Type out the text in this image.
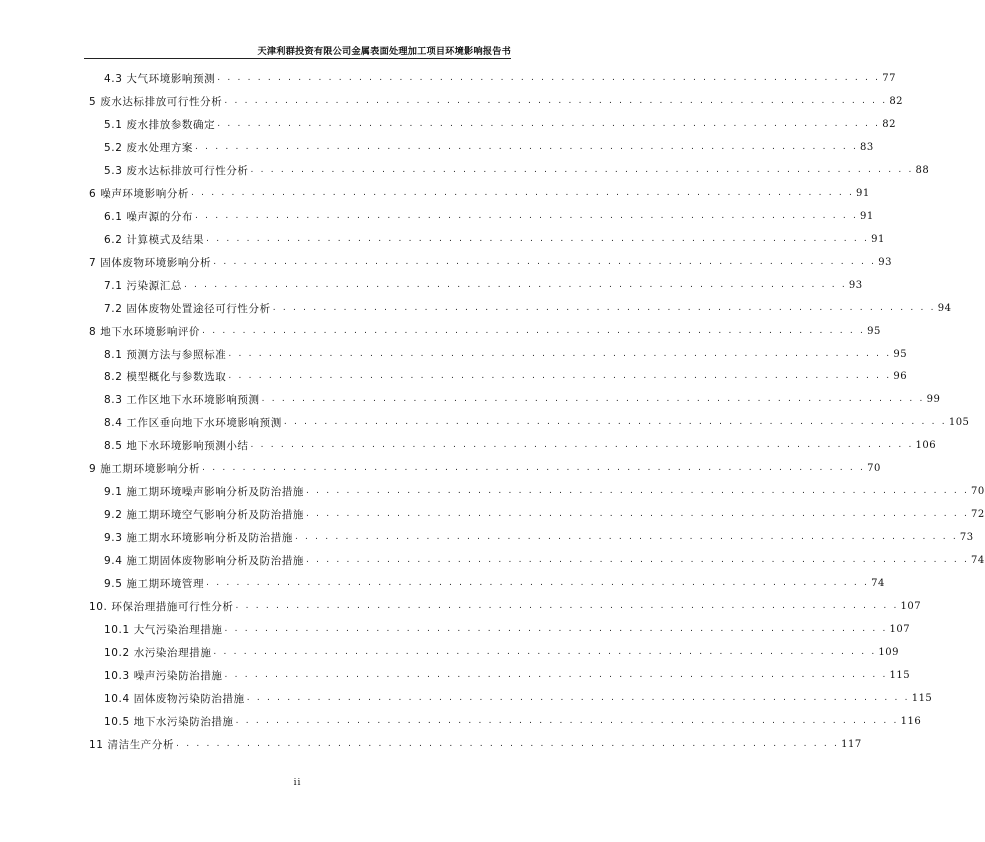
天津利群投资有限公司金属表面处理加工项目环境影响报告书
4.3 大气环境影响预测 . . . . . . . . . . . . . . . . . . . . . . . . . . . . . . . . . . . . . . . . . . . . . . . . . . . . . . . . . . . . . . . . . . 77
5 废水达标排放可行性分析 . . . . . . . . . . . . . . . . . . . . . . . . . . . . . . . . . . . . . . . . . . . . . . . . . . . . . . . . . . . . . . . . . . 82
5.1 废水排放参数确定 . . . . . . . . . . . . . . . . . . . . . . . . . . . . . . . . . . . . . . . . . . . . . . . . . . . . . . . . . . . . . . . . . . 82
5.2 废水处理方案 . . . . . . . . . . . . . . . . . . . . . . . . . . . . . . . . . . . . . . . . . . . . . . . . . . . . . . . . . . . . . . . . . . 83
5.3 废水达标排放可行性分析 . . . . . . . . . . . . . . . . . . . . . . . . . . . . . . . . . . . . . . . . . . . . . . . . . . . . . . . . . . . . . . . . . . 88
6 噪声环境影响分析 . . . . . . . . . . . . . . . . . . . . . . . . . . . . . . . . . . . . . . . . . . . . . . . . . . . . . . . . . . . . . . . . . . 91
6.1 噪声源的分布 . . . . . . . . . . . . . . . . . . . . . . . . . . . . . . . . . . . . . . . . . . . . . . . . . . . . . . . . . . . . . . . . . . 91
6.2 计算模式及结果 . . . . . . . . . . . . . . . . . . . . . . . . . . . . . . . . . . . . . . . . . . . . . . . . . . . . . . . . . . . . . . . . . . 91
7 固体废物环境影响分析 . . . . . . . . . . . . . . . . . . . . . . . . . . . . . . . . . . . . . . . . . . . . . . . . . . . . . . . . . . . . . . . . . . 93
7.1 污染源汇总 . . . . . . . . . . . . . . . . . . . . . . . . . . . . . . . . . . . . . . . . . . . . . . . . . . . . . . . . . . . . . . . . . . 93
7.2 固体废物处置途径可行性分析 . . . . . . . . . . . . . . . . . . . . . . . . . . . . . . . . . . . . . . . . . . . . . . . . . . . . . . . . . . . . . . . . . . 94
8 地下水环境影响评价 . . . . . . . . . . . . . . . . . . . . . . . . . . . . . . . . . . . . . . . . . . . . . . . . . . . . . . . . . . . . . . . . . . 95
8.1 预测方法与参照标准 . . . . . . . . . . . . . . . . . . . . . . . . . . . . . . . . . . . . . . . . . . . . . . . . . . . . . . . . . . . . . . . . . . 95
8.2 模型概化与参数选取 . . . . . . . . . . . . . . . . . . . . . . . . . . . . . . . . . . . . . . . . . . . . . . . . . . . . . . . . . . . . . . . . . . 96
8.3 工作区地下水环境影响预测 . . . . . . . . . . . . . . . . . . . . . . . . . . . . . . . . . . . . . . . . . . . . . . . . . . . . . . . . . . . . . . . . . . 99
8.4 工作区垂向地下水环境影响预测 . . . . . . . . . . . . . . . . . . . . . . . . . . . . . . . . . . . . . . . . . . . . . . . . . . . . . . . . . . . . . . . . . . 105
8.5 地下水环境影响预测小结 . . . . . . . . . . . . . . . . . . . . . . . . . . . . . . . . . . . . . . . . . . . . . . . . . . . . . . . . . . . . . . . . . . 106
9 施工期环境影响分析 . . . . . . . . . . . . . . . . . . . . . . . . . . . . . . . . . . . . . . . . . . . . . . . . . . . . . . . . . . . . . . . . . . 70
9.1 施工期环境噪声影响分析及防治措施 . . . . . . . . . . . . . . . . . . . . . . . . . . . . . . . . . . . . . . . . . . . . . . . . . . . . . . . . . . . . . . . . . . 70
9.2 施工期环境空气影响分析及防治措施 . . . . . . . . . . . . . . . . . . . . . . . . . . . . . . . . . . . . . . . . . . . . . . . . . . . . . . . . . . . . . . . . . . 72
9.3 施工期水环境影响分析及防治措施 . . . . . . . . . . . . . . . . . . . . . . . . . . . . . . . . . . . . . . . . . . . . . . . . . . . . . . . . . . . . . . . . . . 73
9.4 施工期固体废物影响分析及防治措施 . . . . . . . . . . . . . . . . . . . . . . . . . . . . . . . . . . . . . . . . . . . . . . . . . . . . . . . . . . . . . . . . . . 74
9.5 施工期环境管理 . . . . . . . . . . . . . . . . . . . . . . . . . . . . . . . . . . . . . . . . . . . . . . . . . . . . . . . . . . . . . . . . . . 74
10. 环保治理措施可行性分析 . . . . . . . . . . . . . . . . . . . . . . . . . . . . . . . . . . . . . . . . . . . . . . . . . . . . . . . . . . . . . . . . . . 107
10.1 大气污染治理措施 . . . . . . . . . . . . . . . . . . . . . . . . . . . . . . . . . . . . . . . . . . . . . . . . . . . . . . . . . . . . . . . . . . 107
10.2 水污染治理措施 . . . . . . . . . . . . . . . . . . . . . . . . . . . . . . . . . . . . . . . . . . . . . . . . . . . . . . . . . . . . . . . . . . 109
10.3 噪声污染防治措施 . . . . . . . . . . . . . . . . . . . . . . . . . . . . . . . . . . . . . . . . . . . . . . . . . . . . . . . . . . . . . . . . . . 115
10.4 固体废物污染防治措施 . . . . . . . . . . . . . . . . . . . . . . . . . . . . . . . . . . . . . . . . . . . . . . . . . . . . . . . . . . . . . . . . . . 115
10.5 地下水污染防治措施 . . . . . . . . . . . . . . . . . . . . . . . . . . . . . . . . . . . . . . . . . . . . . . . . . . . . . . . . . . . . . . . . . . 116
11 清洁生产分析 . . . . . . . . . . . . . . . . . . . . . . . . . . . . . . . . . . . . . . . . . . . . . . . . . . . . . . . . . . . . . . . . . . 117
ii
